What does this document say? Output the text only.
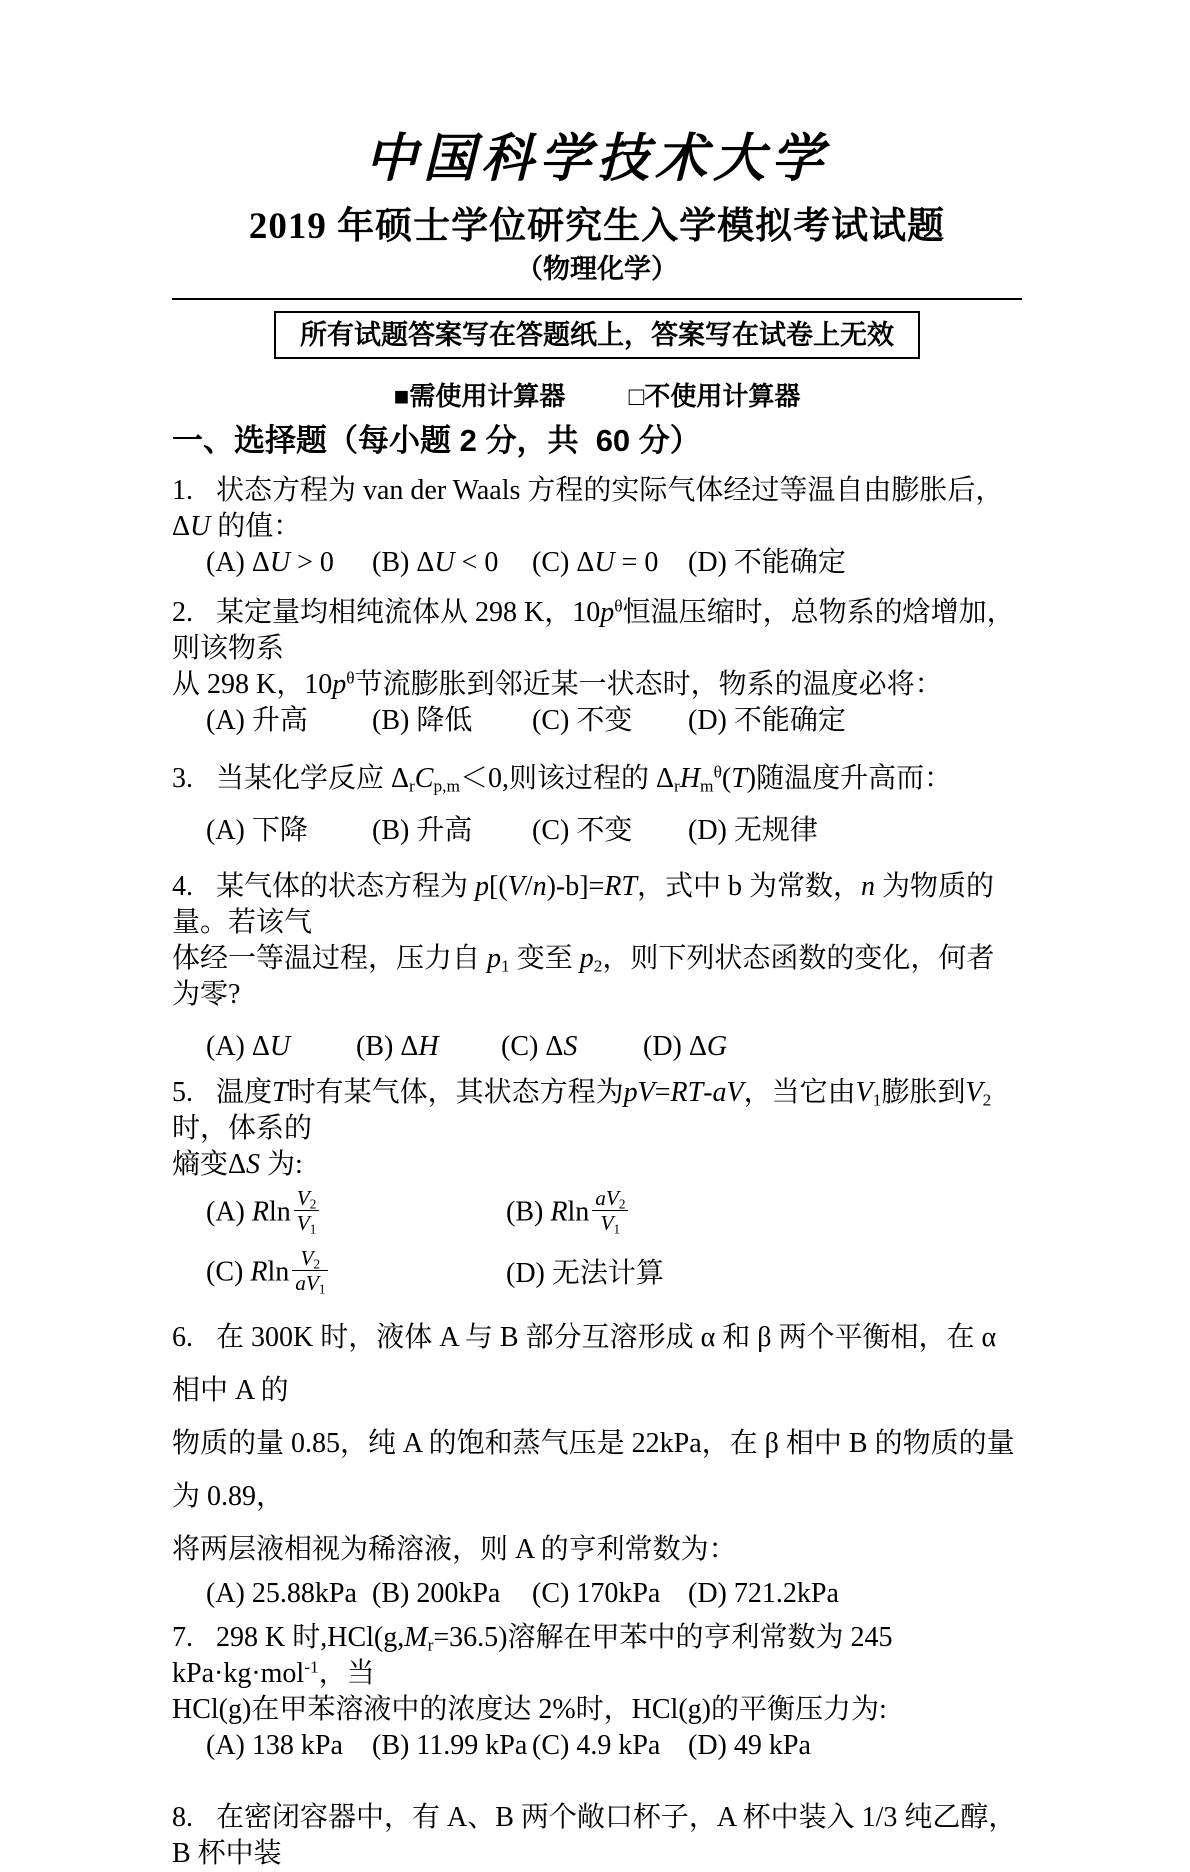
中国科学技术大学
2019 年硕士学位研究生入学模拟考试试题
（物理化学）
所有试题答案写在答题纸上，答案写在试卷上无效
■需使用计算器 □不使用计算器
一、选择题（每小题 2 分，共  60 分）
1. 状态方程为 van der Waals 方程的实际气体经过等温自由膨胀后，ΔU 的值：
(A) ΔU > 0	(B) ΔU < 0	(C) ΔU = 0	(D) 不能确定
2. 某定量均相纯流体从 298 K，$10p^\theta$恒温压缩时，总物系的焓增加，则该物系
从 298 K，$10p^\theta$节流膨胀到邻近某一状态时，物系的温度必将：
(A) 升高	(B) 降低	(C) 不变	(D) 不能确定
3. 当某化学反应 $\Delta_rC_{p,m}<0$,则该过程的 $\Delta_rH_m^\theta(T)$随温度升高而：
(A) 下降	(B) 升高	(C) 不变	(D) 无规律
4. 某气体的状态方程为 p[(V/n)-b]=RT，式中 b 为常数，n 为物质的量。若该气
体经一等温过程，压力自 $p_1$ 变至 $p_2$，则下列状态函数的变化，何者为零?
(A) ΔU	(B) ΔH	(C) ΔS	(D) ΔG
5. 温度T时有某气体，其状态方程为pV=RT-aV，当它由$V_1$膨胀到$V_2$时，体系的
熵变ΔS 为:
(A) Rln $\frac{V_2}{V_1}$	(B) Rln $\frac{aV_2}{V_1}$
(C) Rln $\frac{V_2}{aV_1}$	(D) 无法计算
6. 在 300K 时，液体 A 与 B 部分互溶形成 α 和 β 两个平衡相，在 α 相中 A 的
物质的量 0.85，纯 A 的饱和蒸气压是 22kPa，在 β 相中 B 的物质的量为 0.89，
将两层液相视为稀溶液，则 A 的亨利常数为：
(A) 25.88kPa (B) 200kPa	(C) 170kPa (D) 721.2kPa
7. 298 K 时$,HCl(g,M_r=36.5)$溶解在甲苯中的亨利常数为 245 kPa·kg·mol$^{-1}$，当
HCl(g)在甲苯溶液中的浓度达 2%时，HCl(g)的平衡压力为:
(A) 138 kPa	(B) 11.99 kPa (C) 4.9 kPa (D) 49 kPa
8. 在密闭容器中，有 A、B 两个敞口杯子，A 杯中装入 1/3 纯乙醇，B 杯中装
